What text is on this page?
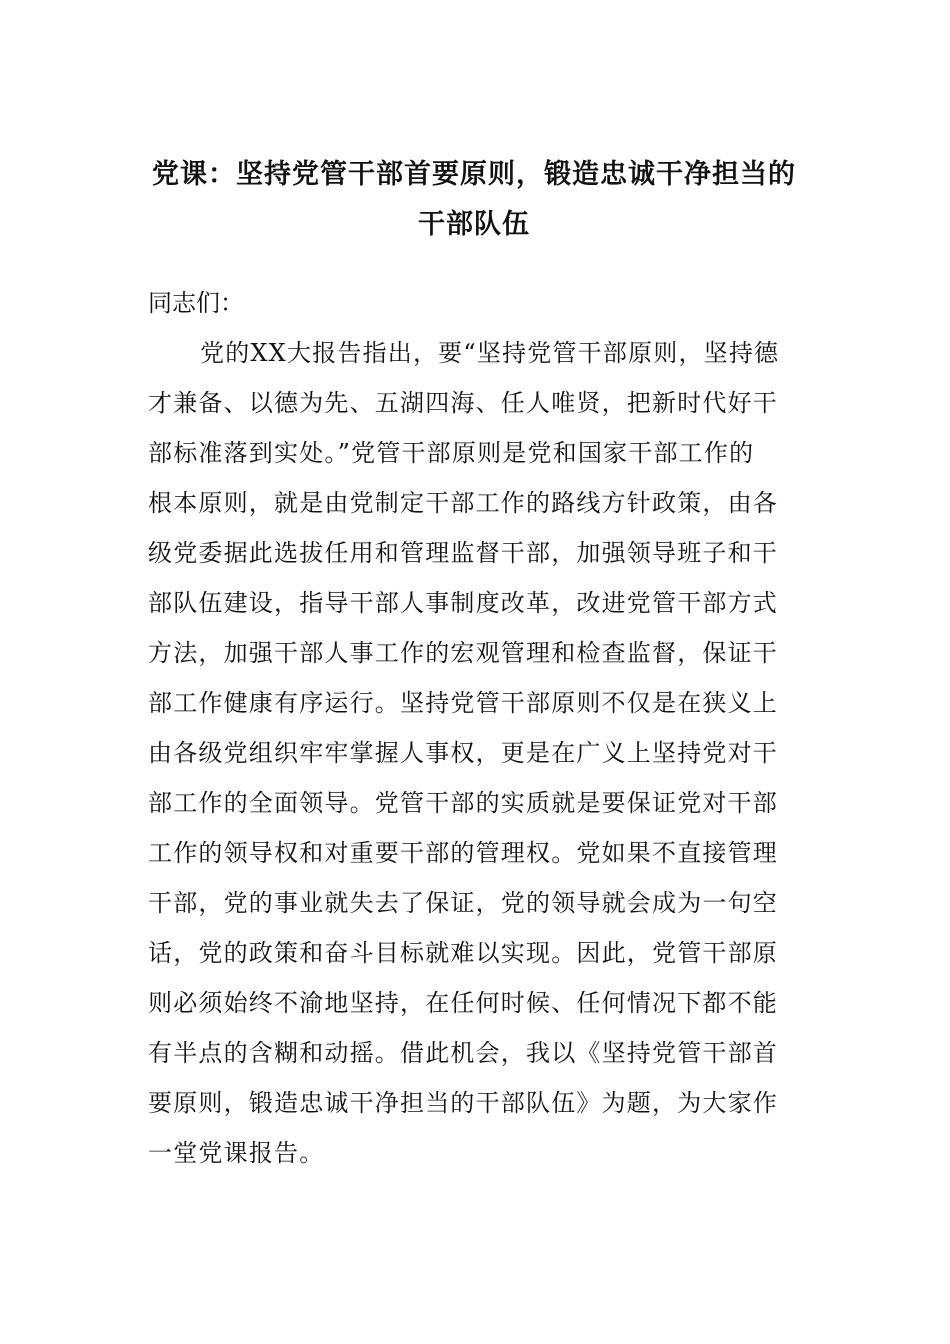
党课：坚持党管干部首要原则，锻造忠诚干净担当的干部队伍

同志们：

党的XX大报告指出，要“坚持党管干部原则，坚持德
才兼备、以德为先、五湖四海、任人唯贤，把新时代好干
部标准落到实处。”党管干部原则是党和国家干部工作的
根本原则，就是由党制定干部工作的路线方针政策，由各
级党委据此选拔任用和管理监督干部，加强领导班子和干
部队伍建设，指导干部人事制度改革，改进党管干部方式
方法，加强干部人事工作的宏观管理和检查监督，保证干
部工作健康有序运行。坚持党管干部原则不仅是在狭义上
由各级党组织牢牢掌握人事权，更是在广义上坚持党对干
部工作的全面领导。党管干部的实质就是要保证党对干部
工作的领导权和对重要干部的管理权。党如果不直接管理
干部，党的事业就失去了保证，党的领导就会成为一句空
话，党的政策和奋斗目标就难以实现。因此，党管干部原
则必须始终不渝地坚持，在任何时候、任何情况下都不能
有半点的含糊和动摇。借此机会，我以《坚持党管干部首
要原则，锻造忠诚干净担当的干部队伍》为题，为大家作
一堂党课报告。
